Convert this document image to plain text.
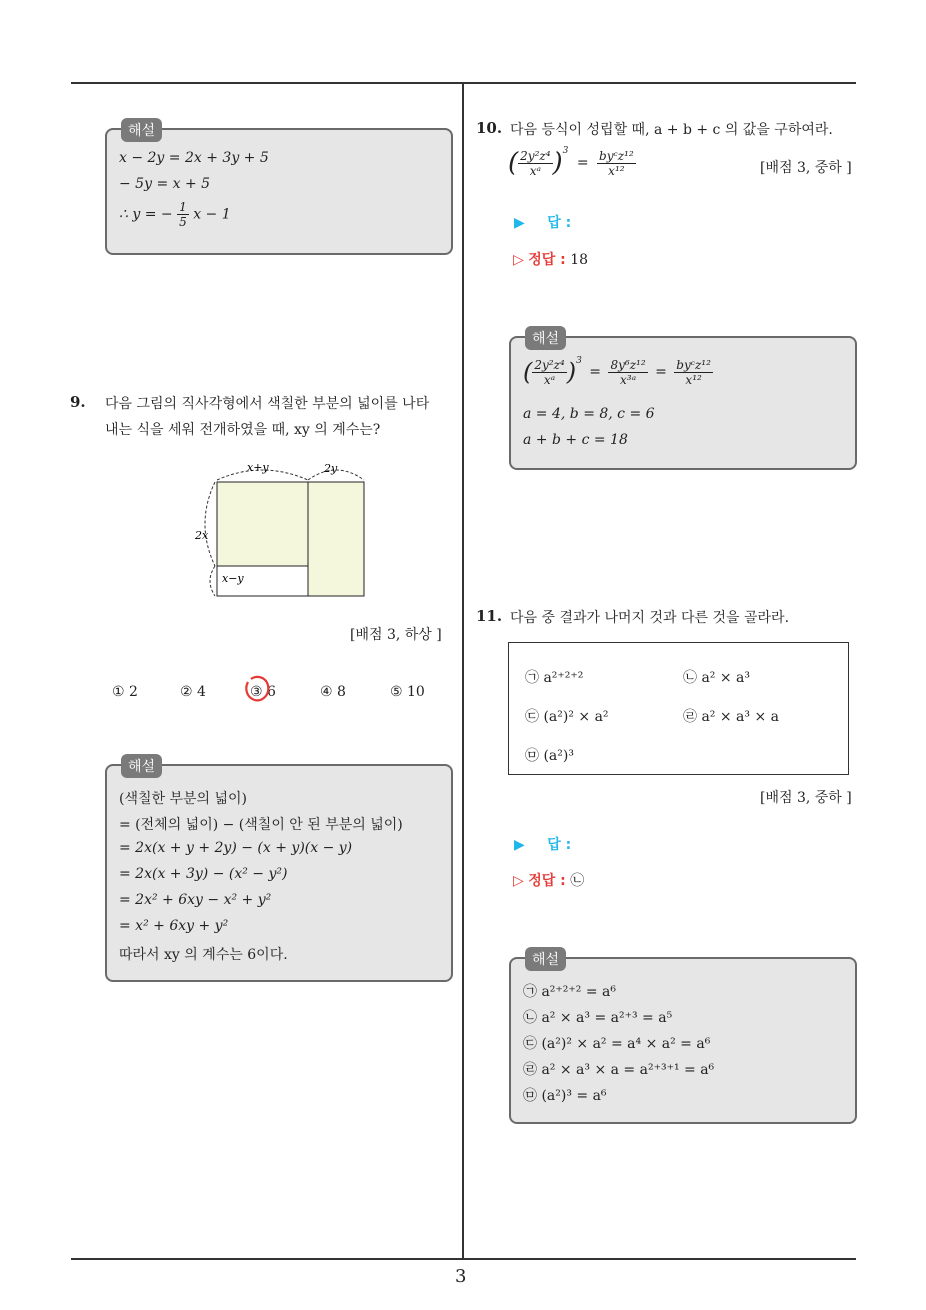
3
해설
x − 2y = 2x + 3y + 5
− 5y = x + 5
∴ y = − $\frac{1}{5}$ x − 1
9. 다음 그림의 직사각형에서 색칠한 부분의 넓이를 나타
내는 식을 세워 전개하였을 때, xy 의 계수는?
x+y	2y
2x
x−y
[배점 3, 하상 ]
① 2	② 4	③ 6	④ 8	⑤ 10
해설
(색칠한 부분의 넓이)
= (전체의 넓이) − (색칠이 안 된 부분의 넓이)
= 2x(x + y + 2y) − (x + y)(x − y)
= 2x(x + 3y) − (x² − y²)
= 2x² + 6xy − x² + y²
= x² + 6xy + y²
따라서 xy 의 계수는 6이다.
10. 다음 등식이 성립할 때, a + b + c 의 값을 구하여라.
( $\frac{\text{2y²z⁴}}{\text{xᵃ}} )^3 = \frac{\text{byᶜz¹²}}{\text{x¹²}}$	[배점 3, 중하 ]
▶ 답 :
▷ 정답 : 18
해설
( $\frac{\text{2y²z⁴}}{\text{xᵃ}} )^3 = \frac{\text{8y⁶z¹²}}{\text{x³ᵃ}} = \frac{\text{byᶜz¹²}}{\text{x¹²}}$
a = 4, b = 8, c = 6
a + b + c = 18
11. 다음 중 결과가 나머지 것과 다른 것을 골라라.
㉠ a²⁺²⁺²	㉡ a² × a³
㉢ (a²)² × a²	㉣ a² × a³ × a
㉤ (a²)³
[배점 3, 중하 ]
▶ 답 :
▷ 정답 : ㉡
해설
㉠ a²⁺²⁺² = a⁶
㉡ a² × a³ = a²⁺³ = a⁵
㉢ (a²)² × a² = a⁴ × a² = a⁶
㉣ a² × a³ × a = a²⁺³⁺¹ = a⁶
㉤ (a²)³ = a⁶
